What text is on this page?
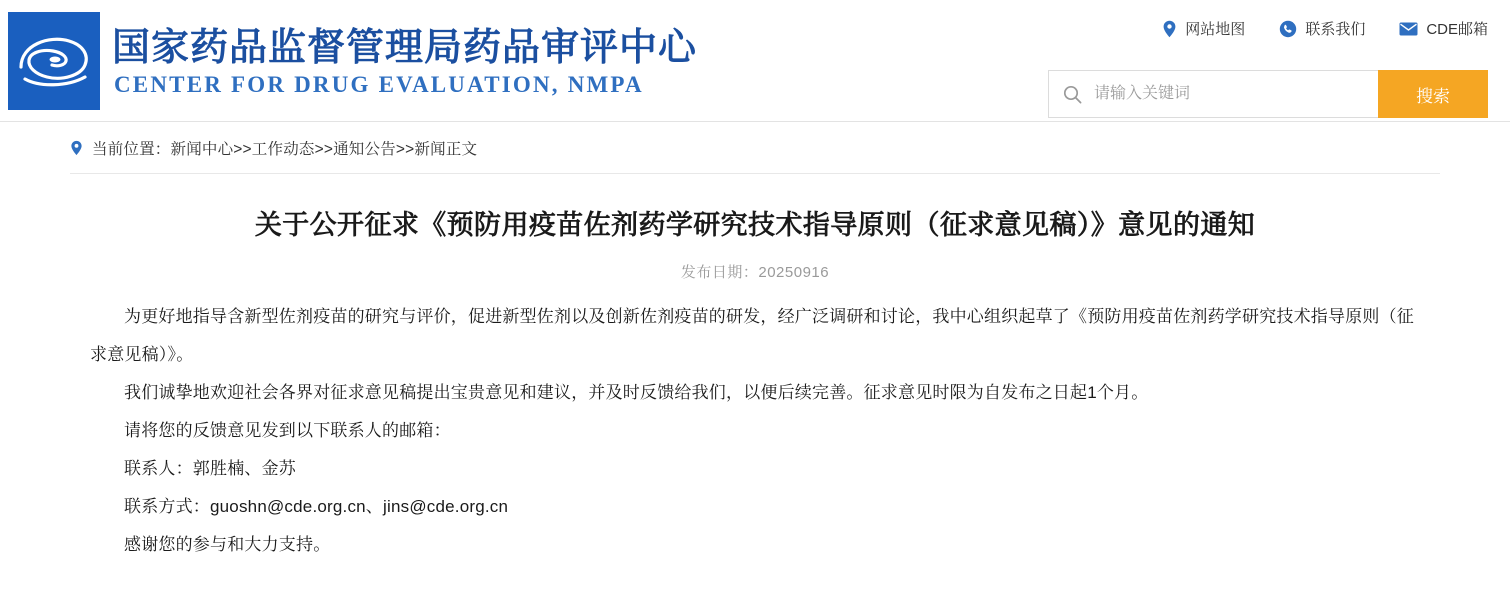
国家药品监督管理局药品审评中心
CENTER FOR DRUG EVALUATION, NMPA
网站地图	联系我们	CDE邮箱
请输入关键词
搜索
当前位置：新闻中心>>工作动态>>通知公告>>新闻正文
关于公开征求《预防用疫苗佐剂药学研究技术指导原则（征求意见稿）》意见的通知
发布日期：20250916

为更好地指导含新型佐剂疫苗的研究与评价，促进新型佐剂以及创新佐剂疫苗的研发，经广泛调研和讨论，我中心组织起草了《预防用疫苗佐剂药学研究技术指导原则（征求意见稿）》。

我们诚挚地欢迎社会各界对征求意见稿提出宝贵意见和建议，并及时反馈给我们，以便后续完善。征求意见时限为自发布之日起1个月。

请将您的反馈意见发到以下联系人的邮箱：

联系人：郭胜楠、金苏

联系方式：guoshn@cde.org.cn、jins@cde.org.cn

感谢您的参与和大力支持。
